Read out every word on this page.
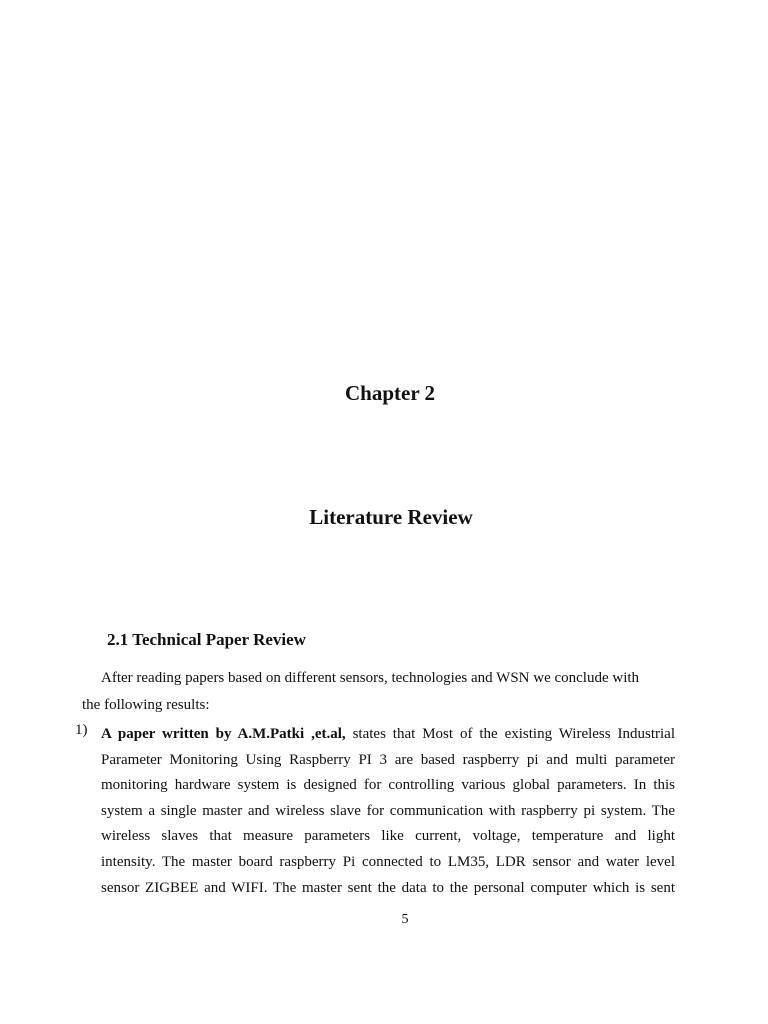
Chapter 2
Literature Review
2.1 Technical Paper Review

After reading papers based on different sensors, technologies and WSN we conclude with

the following results:

1) A paper written by A.M.Patki ,et.al, states that Most of the existing Wireless Industrial
Parameter Monitoring Using Raspberry PI 3 are based raspberry pi and multi parameter
monitoring hardware system is designed for controlling various global parameters. In this
system a single master and wireless slave for communication with raspberry pi system. The
wireless slaves that measure parameters like current, voltage, temperature and light
intensity. The master board raspberry Pi connected to LM35, LDR sensor and water level
sensor ZIGBEE and WIFI. The master sent the data to the personal computer which is sent

5
